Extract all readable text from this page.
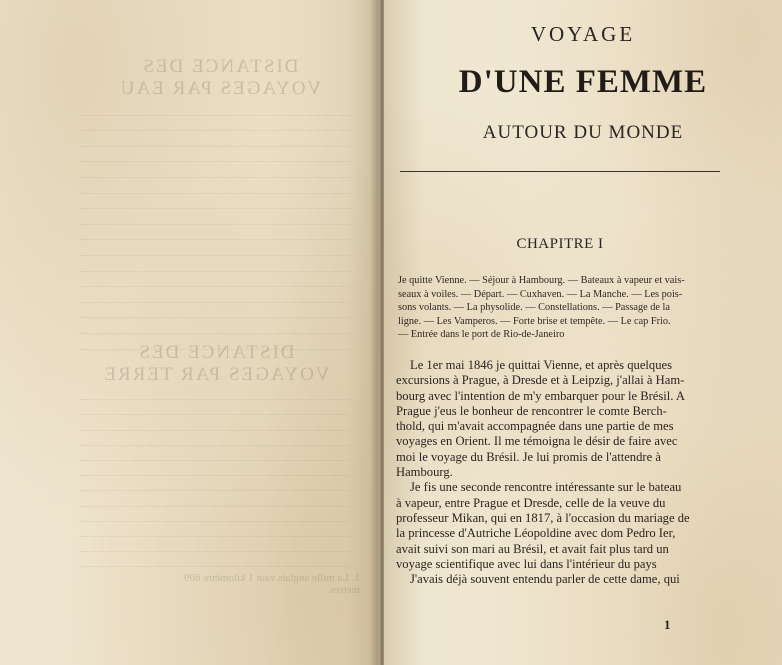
DISTANCE DES VOYAGES PAR EAU
DISTANCE DES VOYAGES PAR TERRE
1. La mille anglais vaut 1 kilomètre 609 mètres.
VOYAGE
D'UNE FEMME
AUTOUR DU MONDE
CHAPITRE I
Je quitte Vienne. — Séjour à Hambourg. — Bateaux à vapeur et vais-
seaux à voiles. — Départ. — Cuxhaven. — La Manche. — Les pois-
sons volants. — La physolide. — Constellations. — Passage de la
ligne. — Les Vamperos. — Forte brise et tempête. — Le cap Frio.
— Entrée dans le port de Rio-de-Janeiro
Le 1er mai 1846 je quittai Vienne, et après quelques
excursions à Prague, à Dresde et à Leipzig, j'allai à Ham-
bourg avec l'intention de m'y embarquer pour le Brésil. A
Prague j'eus le bonheur de rencontrer le comte Berch-
thold, qui m'avait accompagnée dans une partie de mes
voyages en Orient. Il me témoigna le désir de faire avec
moi le voyage du Brésil. Je lui promis de l'attendre à
Hambourg.
Je fis une seconde rencontre intéressante sur le bateau
à vapeur, entre Prague et Dresde, celle de la veuve du
professeur Mikan, qui en 1817, à l'occasion du mariage de
la princesse d'Autriche Léopoldine avec dom Pedro Ier,
avait suivi son mari au Brésil, et avait fait plus tard un
voyage scientifique avec lui dans l'intérieur du pays
J'avais déjà souvent entendu parler de cette dame, qui
1
